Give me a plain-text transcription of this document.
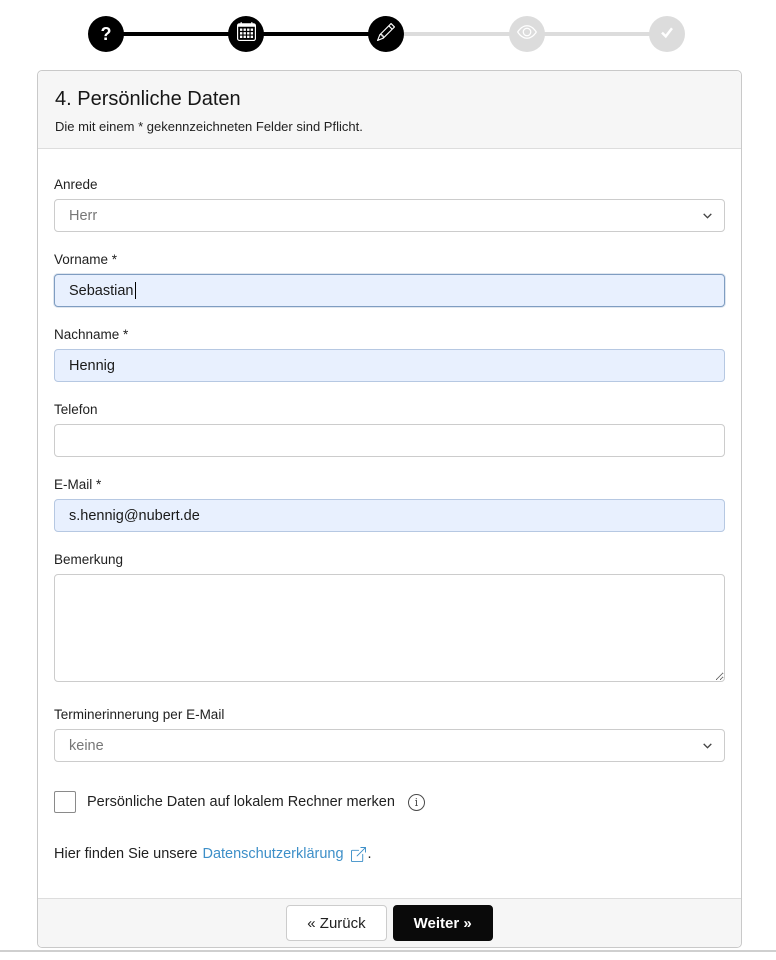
?
4. Persönliche Daten
Die mit einem * gekennzeichneten Felder sind Pflicht.
Anrede
Herr
Vorname *
Sebastian
Nachname *
Hennig
Telefon
E-Mail *
s.hennig@nubert.de
Bemerkung
Terminerinnerung per E-Mail
keine
Persönliche Daten auf lokalem Rechner merken	i
Hier finden Sie unsere Datenschutzerklärung .
« Zurück	Weiter »
